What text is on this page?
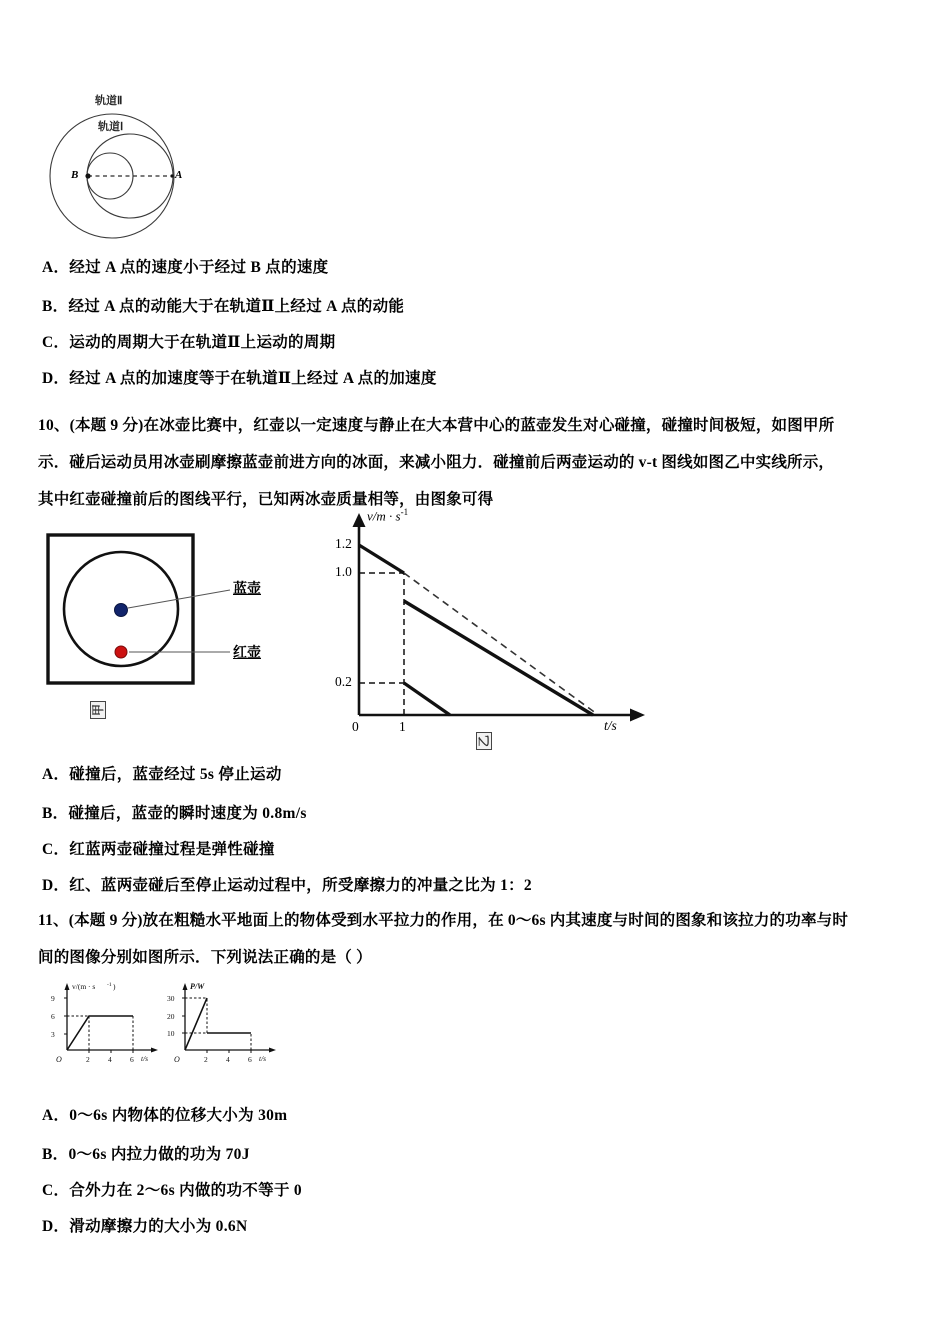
轨道Ⅱ
轨道Ⅰ
B	A
A．经过 A 点的速度小于经过 B 点的速度
B．经过 A 点的动能大于在轨道Ⅱ上经过 A 点的动能
C．运动的周期大于在轨道Ⅱ上运动的周期
D．经过 A 点的加速度等于在轨道Ⅱ上经过 A 点的加速度
10、(本题 9 分)在冰壶比赛中，红壶以一定速度与静止在大本营中心的蓝壶发生对心碰撞，碰撞时间极短，如图甲所
示．碰后运动员用冰壶刷摩擦蓝壶前进方向的冰面，来减小阻力．碰撞前后两壶运动的 v-t 图线如图乙中实线所示，
其中红壶碰撞前后的图线平行，已知两冰壶质量相等，由图象可得
蓝壶
红壶
甲
$v/m \cdot s^{-1}$
1.2
1.0
0.2
0	1	t/s
乙
A．碰撞后，蓝壶经过 5s 停止运动
B．碰撞后，蓝壶的瞬时速度为 0.8m/s
C．红蓝两壶碰撞过程是弹性碰撞
D．红、蓝两壶碰后至停止运动过程中，所受摩擦力的冲量之比为 1：2
11、(本题 9 分)放在粗糙水平地面上的物体受到水平拉力的作用，在 0～6s 内其速度与时间的图象和该拉力的功率与时
间的图像分别如图所示．下列说法正确的是（ ）
9
6
3
O	2 4 6 t/s
v/(m · s -1 )
30
20
10
O	2 4 6 t/s
P/W
A．0～6s 内物体的位移大小为 30m
B．0～6s 内拉力做的功为 70J
C．合外力在 2～6s 内做的功不等于 0
D．滑动摩擦力的大小为 0.6N
